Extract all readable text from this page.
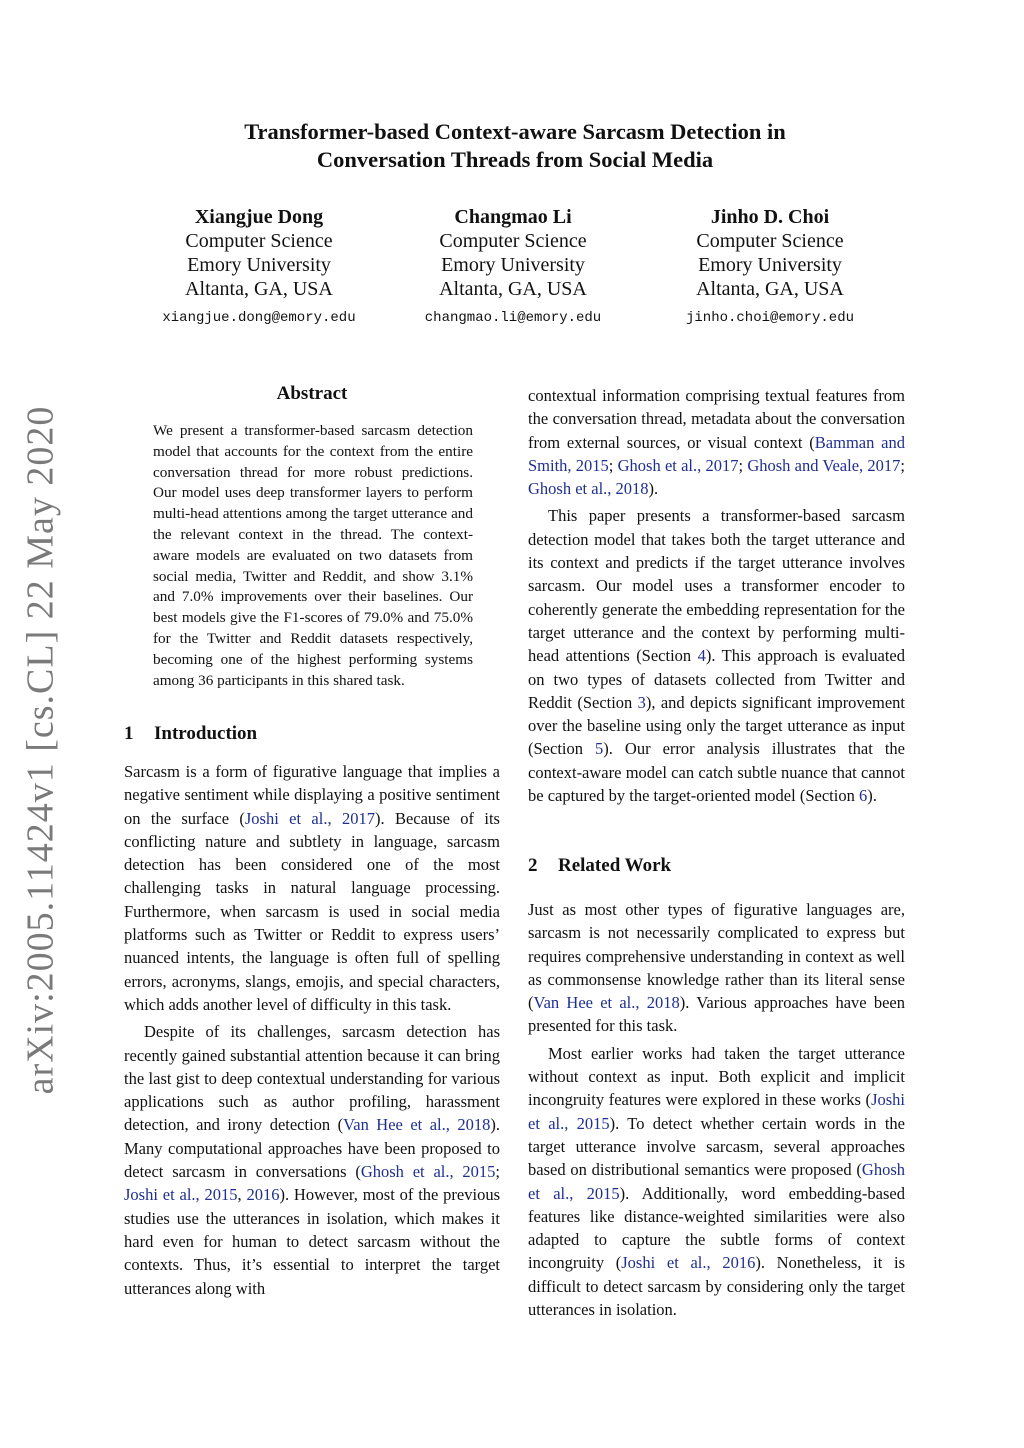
arXiv:2005.11424v1 [cs.CL] 22 May 2020
Transformer-based Context-aware Sarcasm Detection in
Conversation Threads from Social Media
Xiangjue Dong
Computer Science
Emory University
Altanta, GA, USA
xiangjue.dong@emory.edu
Changmao Li
Computer Science
Emory University
Altanta, GA, USA
changmao.li@emory.edu
Jinho D. Choi
Computer Science
Emory University
Altanta, GA, USA
jinho.choi@emory.edu
Abstract

We present a transformer-based sarcasm detection model that accounts for the context from the entire conversation thread for more robust predictions. Our model uses deep transformer layers to perform multi-head attentions among the target utterance and the relevant context in the thread. The context-aware models are evaluated on two datasets from social media, Twitter and Reddit, and show 3.1% and 7.0% improvements over their baselines. Our best models give the F1-scores of 79.0% and 75.0% for the Twitter and Reddit datasets respectively, becoming one of the highest performing systems among 36 participants in this shared task.

1 Introduction

Sarcasm is a form of figurative language that implies a negative sentiment while displaying a positive sentiment on the surface (Joshi et al., 2017). Because of its conflicting nature and subtlety in language, sarcasm detection has been considered one of the most challenging tasks in natural language processing. Furthermore, when sarcasm is used in social media platforms such as Twitter or Reddit to express users’ nuanced intents, the language is often full of spelling errors, acronyms, slangs, emojis, and special characters, which adds another level of difficulty in this task.

Despite of its challenges, sarcasm detection has recently gained substantial attention because it can bring the last gist to deep contextual understanding for various applications such as author profiling, harassment detection, and irony detection (Van Hee et al., 2018). Many computational approaches have been proposed to detect sarcasm in conversations (Ghosh et al., 2015; Joshi et al., 2015, 2016). However, most of the previous studies use the utterances in isolation, which makes it hard even for human to detect sarcasm without the contexts. Thus, it’s essential to interpret the target utterances along with

contextual information comprising textual features from the conversation thread, metadata about the conversation from external sources, or visual context (Bamman and Smith, 2015; Ghosh et al., 2017; Ghosh and Veale, 2017; Ghosh et al., 2018).

This paper presents a transformer-based sarcasm detection model that takes both the target utterance and its context and predicts if the target utterance involves sarcasm. Our model uses a transformer encoder to coherently generate the embedding representation for the target utterance and the context by performing multi-head attentions (Section 4). This approach is evaluated on two types of datasets collected from Twitter and Reddit (Section 3), and depicts significant improvement over the baseline using only the target utterance as input (Section 5). Our error analysis illustrates that the context-aware model can catch subtle nuance that cannot be captured by the target-oriented model (Section 6).

2 Related Work

Just as most other types of figurative languages are, sarcasm is not necessarily complicated to express but requires comprehensive understanding in context as well as commonsense knowledge rather than its literal sense (Van Hee et al., 2018). Various approaches have been presented for this task.

Most earlier works had taken the target utterance without context as input. Both explicit and implicit incongruity features were explored in these works (Joshi et al., 2015). To detect whether certain words in the target utterance involve sarcasm, several approaches based on distributional semantics were proposed (Ghosh et al., 2015). Additionally, word embedding-based features like distance-weighted similarities were also adapted to capture the subtle forms of context incongruity (Joshi et al., 2016). Nonetheless, it is difficult to detect sarcasm by considering only the target utterances in isolation.
